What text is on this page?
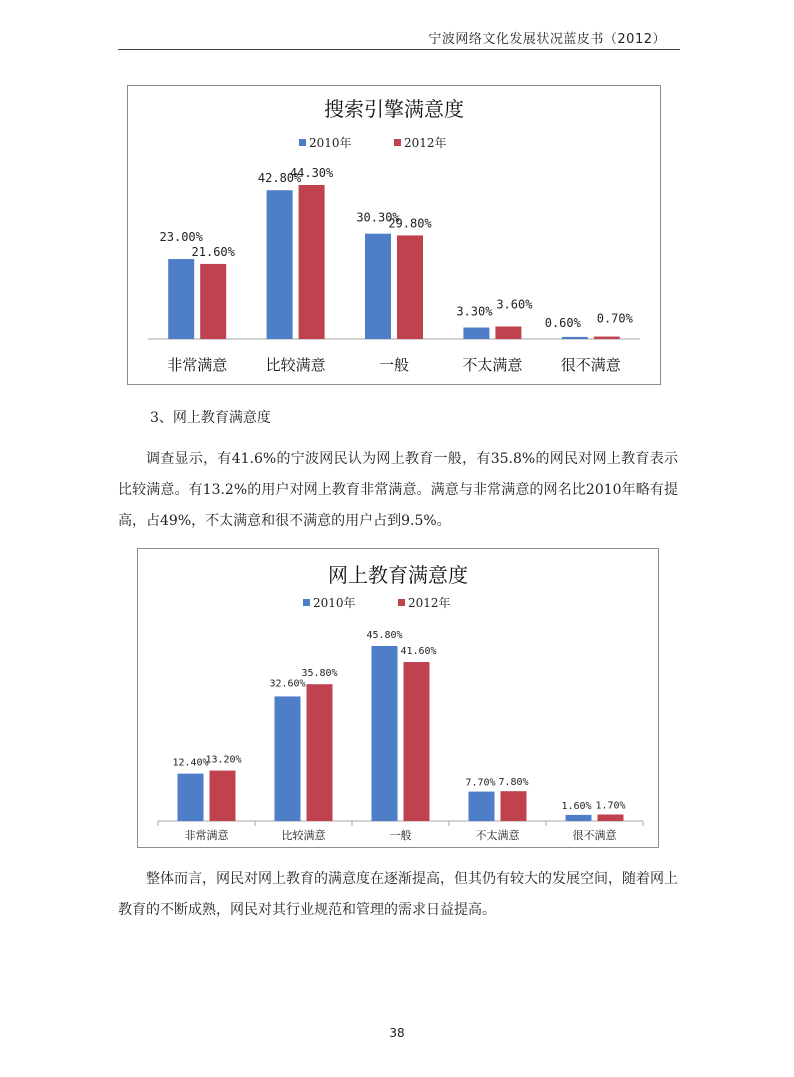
宁波网络文化发展状况蓝皮书（2012）
搜索引擎满意度
2010年	2012年
23.00%
21.60%
非常满意
42.80%
44.30%
比较满意
30.30%
29.80%
一般
3.30%
3.60%
不太满意
0.60% 0.70%
很不满意
3、网上教育满意度

调查显示，有41.6%的宁波网民认为网上教育一般，有35.8%的网民对网上教育表示比较满意。有13.2%的用户对网上教育非常满意。满意与非常满意的网名比2010年略有提高，占49%，不太满意和很不满意的用户占到9.5%。

网上教育满意度
2010年	2012年
12.40%
13.20%
非常满意
32.60%
35.80%
比较满意
45.80%
41.60%
一般
7.70% 7.80%
不太满意
1.60% 1.70%
很不满意

整体而言，网民对网上教育的满意度在逐渐提高，但其仍有较大的发展空间，随着网上教育的不断成熟，网民对其行业规范和管理的需求日益提高。

38
